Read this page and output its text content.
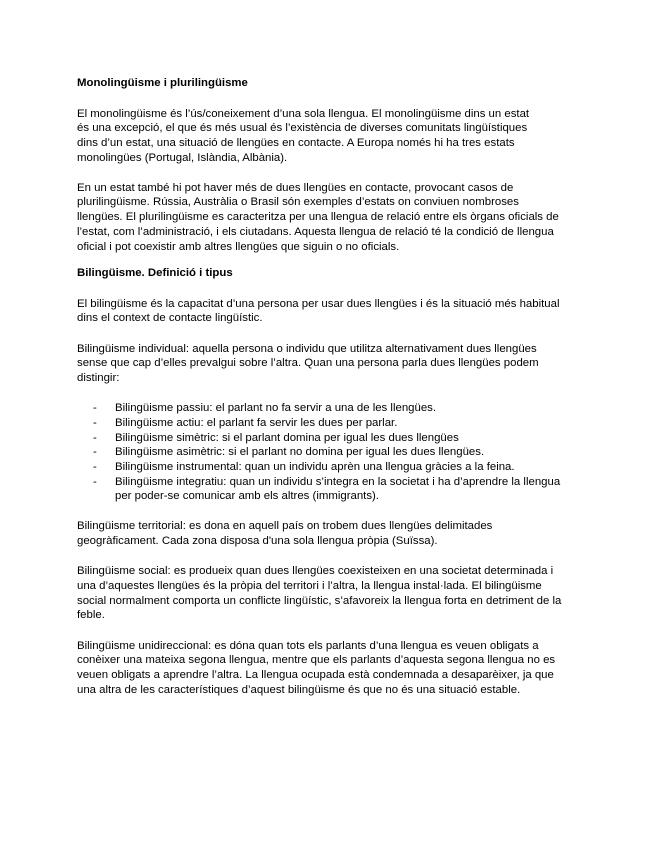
Monolingüisme i plurilingüisme
El monolingüisme és l’ús/coneixement d’una sola llengua. El monolingüisme dins un estat
és una excepció, el que és més usual és l’existència de diverses comunitats lingüístiques
dins d’un estat, una situació de llengües en contacte. A Europa només hi ha tres estats
monolingües (Portugal, Islàndia, Albània).
En un estat també hi pot haver més de dues llengües en contacte, provocant casos de
plurilingüisme. Rússia, Austràlia o Brasil són exemples d’estats on conviuen nombroses
llengües. El plurilingüisme es caracteritza per una llengua de relació entre els òrgans oficials de
l’estat, com l’administració, i els ciutadans. Aquesta llengua de relació té la condició de llengua
oficial i pot coexistir amb altres llengües que siguin o no oficials.
Bilingüisme. Definició i tipus
El bilingüisme és la capacitat d’una persona per usar dues llengües i és la situació més habitual
dins el context de contacte lingüístic.
Bilingüisme individual: aquella persona o individu que utilitza alternativament dues llengües
sense que cap d’elles prevalgui sobre l’altra. Quan una persona parla dues llengües podem
distingir:
- Bilingüisme passiu: el parlant no fa servir a una de les llengües.
- Bilingüisme actiu: el parlant fa servir les dues per parlar.
- Bilingüisme simètric: si el parlant domina per igual les dues llengües
- Bilingüisme asimètric: si el parlant no domina per igual les dues llengües.
- Bilingüisme instrumental: quan un individu aprèn una llengua gràcies a la feina.
- Bilingüisme integratiu: quan un individu s’integra en la societat i ha d’aprendre la llengua
per poder-se comunicar amb els altres (immigrants).
Bilingüisme territorial: es dona en aquell país on trobem dues llengües delimitades
geogràficament. Cada zona disposa d'una sola llengua pròpia (Suïssa).
Bilingüisme social: es produeix quan dues llengües coexisteixen en una societat determinada i
una d’aquestes llengües és la pròpia del territori i l’altra, la llengua instal·lada. El bilingüisme
social normalment comporta un conflicte lingüístic, s’afavoreix la llengua forta en detriment de la
feble.
Bilingüisme unidireccional: es dóna quan tots els parlants d’una llengua es veuen obligats a
conèixer una mateixa segona llengua, mentre que els parlants d’aquesta segona llengua no es
veuen obligats a aprendre l’altra. La llengua ocupada està condemnada a desaparèixer, ja que
una altra de les característiques d’aquest bilingüisme és que no és una situació estable.
